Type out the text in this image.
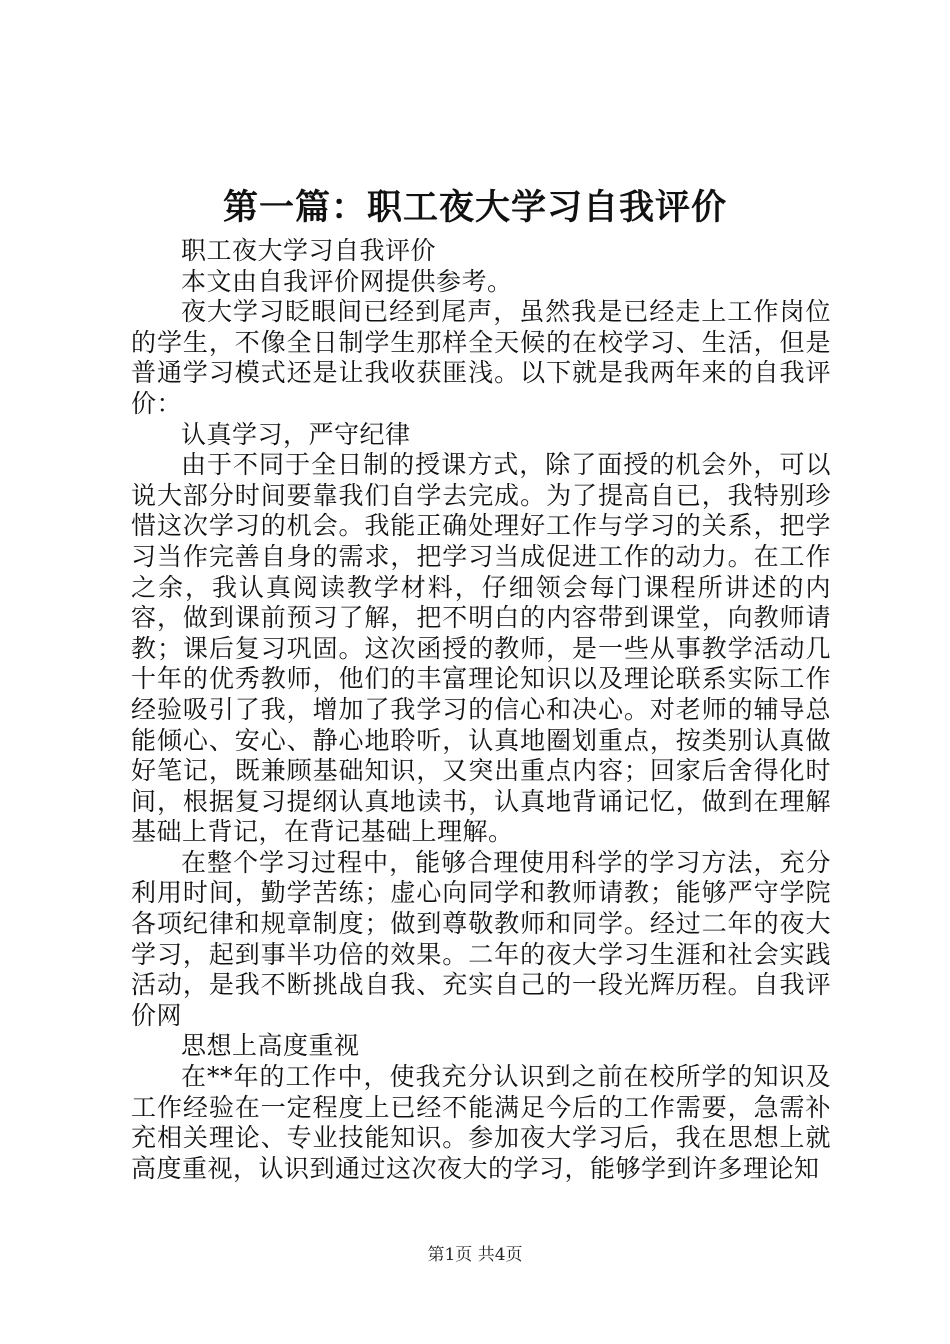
第一篇：职工夜大学习自我评价

职工夜大学习自我评价

本文由自我评价网提供参考。

夜大学习眨眼间已经到尾声，虽然我是已经走上工作岗位的学生，不像全日制学生那样全天候的在校学习、生活，但是普通学习模式还是让我收获匪浅。以下就是我两年来的自我评价：

认真学习，严守纪律

由于不同于全日制的授课方式，除了面授的机会外，可以说大部分时间要靠我们自学去完成。为了提高自已，我特别珍惜这次学习的机会。我能正确处理好工作与学习的关系，把学习当作完善自身的需求，把学习当成促进工作的动力。在工作之余，我认真阅读教学材料，仔细领会每门课程所讲述的内容，做到课前预习了解，把不明白的内容带到课堂，向教师请教；课后复习巩固。这次函授的教师，是一些从事教学活动几十年的优秀教师，他们的丰富理论知识以及理论联系实际工作经验吸引了我，增加了我学习的信心和决心。对老师的辅导总能倾心、安心、静心地聆听，认真地圈划重点，按类别认真做好笔记，既兼顾基础知识，又突出重点内容；回家后舍得化时间，根据复习提纲认真地读书，认真地背诵记忆，做到在理解基础上背记，在背记基础上理解。

在整个学习过程中，能够合理使用科学的学习方法，充分利用时间，勤学苦练；虚心向同学和教师请教；能够严守学院各项纪律和规章制度；做到尊敬教师和同学。经过二年的夜大学习，起到事半功倍的效果。二年的夜大学习生涯和社会实践活动，是我不断挑战自我、充实自己的一段光辉历程。自我评价网

思想上高度重视

在**年的工作中，使我充分认识到之前在校所学的知识及工作经验在一定程度上已经不能满足今后的工作需要，急需补充相关理论、专业技能知识。参加夜大学习后，我在思想上就高度重视，认识到通过这次夜大的学习，能够学到许多理论知

第1页 共4页
